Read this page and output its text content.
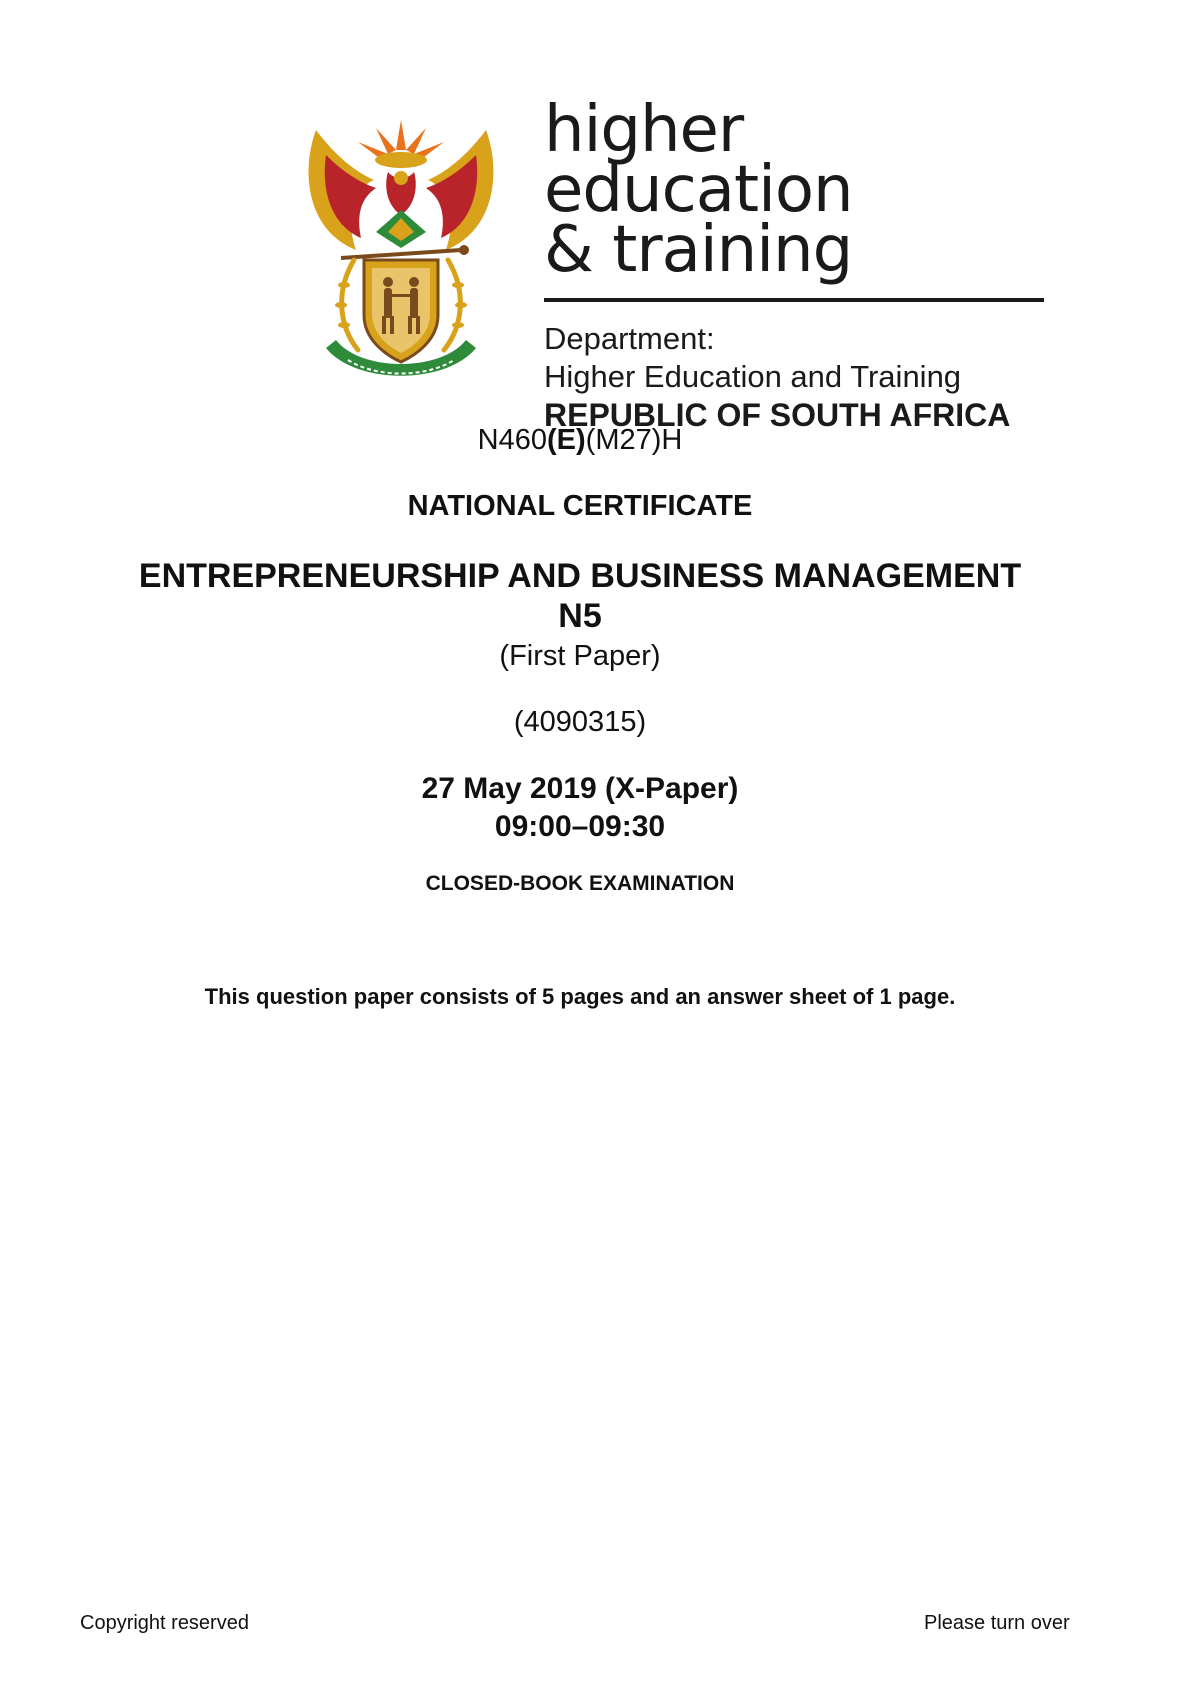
higher education

& training

Department:

Higher Education and Training

REPUBLIC OF SOUTH AFRICA

N460(E)(M27)H
NATIONAL CERTIFICATE
ENTREPRENEURSHIP AND BUSINESS MANAGEMENT
N5
(First Paper)
(4090315)
27 May 2019 (X-Paper)
09:00–09:30
CLOSED-BOOK EXAMINATION
This question paper consists of 5 pages and an answer sheet of 1 page.
Copyright reserved	Please turn over
